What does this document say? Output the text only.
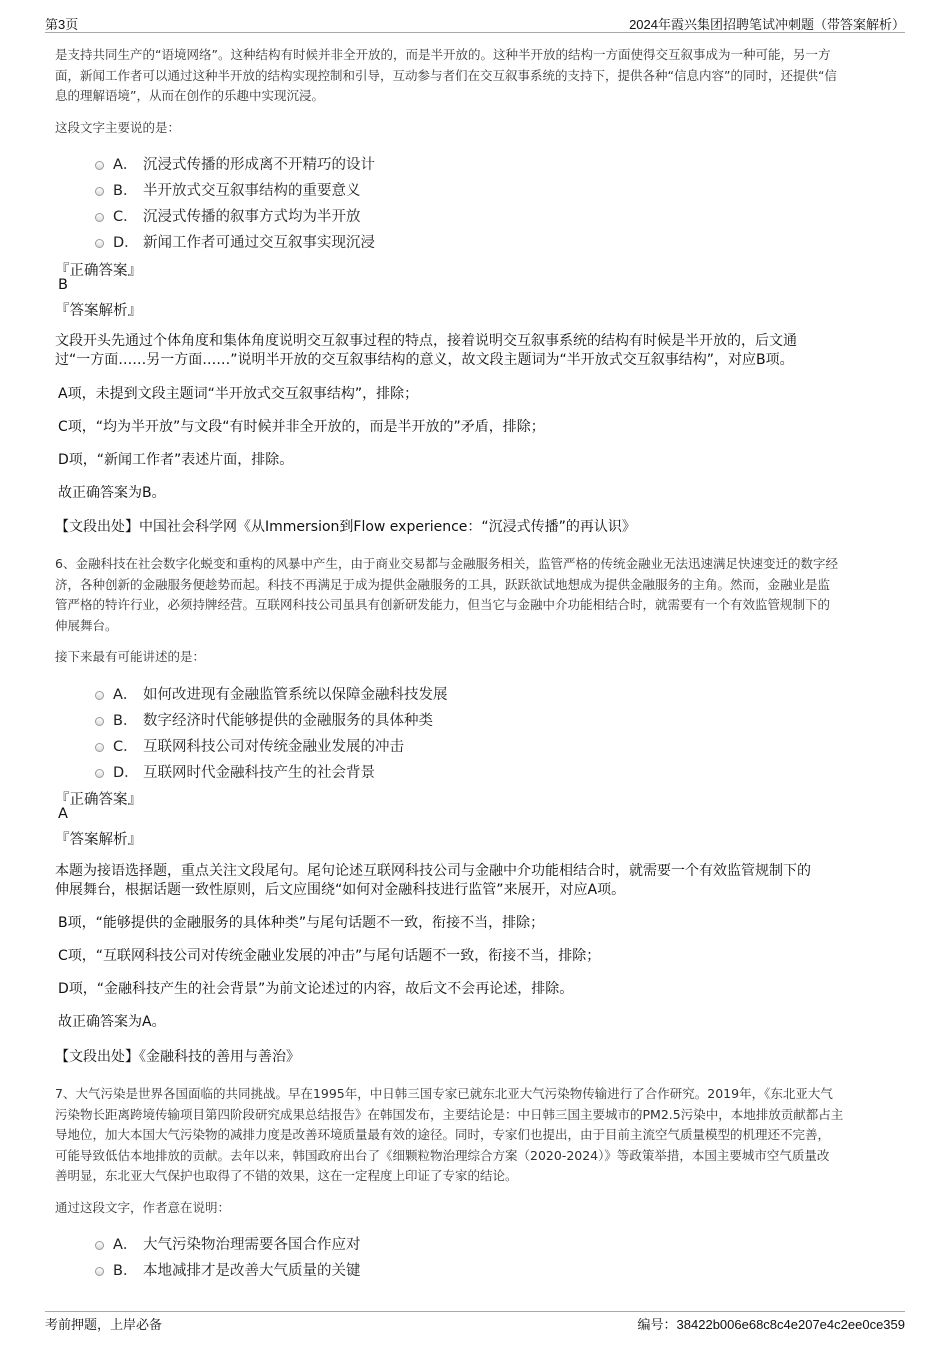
第3页	2024年霞兴集团招聘笔试冲刺题（带答案解析）
是支持共同生产的“语境网络”。这种结构有时候并非全开放的，而是半开放的。这种半开放的结构一方面使得交互叙事成为一种可能，另一方
面，新闻工作者可以通过这种半开放的结构实现控制和引导，互动参与者们在交互叙事系统的支持下，提供各种“信息内容”的同时，还提供“信
息的理解语境”，从而在创作的乐趣中实现沉浸。
这段文字主要说的是：
A． 沉浸式传播的形成离不开精巧的设计
B． 半开放式交互叙事结构的重要意义
C． 沉浸式传播的叙事方式均为半开放
D． 新闻工作者可通过交互叙事实现沉浸
『正确答案』
B
『答案解析』
文段开头先通过个体角度和集体角度说明交互叙事过程的特点，接着说明交互叙事系统的结构有时候是半开放的，后文通
过“一方面……另一方面……”说明半开放的交互叙事结构的意义，故文段主题词为“半开放式交互叙事结构”，对应B项。
A项，未提到文段主题词“半开放式交互叙事结构”，排除；
C项，“均为半开放”与文段“有时候并非全开放的，而是半开放的”矛盾，排除；
D项，“新闻工作者”表述片面，排除。
故正确答案为B。
【文段出处】中国社会科学网《从Immersion到Flow experience：“沉浸式传播”的再认识》
6、金融科技在社会数字化蜕变和重构的风暴中产生，由于商业交易都与金融服务相关，监管严格的传统金融业无法迅速满足快速变迁的数字经
济，各种创新的金融服务便趁势而起。科技不再满足于成为提供金融服务的工具，跃跃欲试地想成为提供金融服务的主角。然而，金融业是监
管严格的特许行业，必须持牌经营。互联网科技公司虽具有创新研发能力，但当它与金融中介功能相结合时，就需要有一个有效监管规制下的
伸展舞台。
接下来最有可能讲述的是：
A． 如何改进现有金融监管系统以保障金融科技发展
B． 数字经济时代能够提供的金融服务的具体种类
C． 互联网科技公司对传统金融业发展的冲击
D． 互联网时代金融科技产生的社会背景
『正确答案』
A
『答案解析』
本题为接语选择题，重点关注文段尾句。尾句论述互联网科技公司与金融中介功能相结合时，就需要一个有效监管规制下的
伸展舞台，根据话题一致性原则，后文应围绕“如何对金融科技进行监管”来展开，对应A项。
B项，“能够提供的金融服务的具体种类”与尾句话题不一致，衔接不当，排除；
C项，“互联网科技公司对传统金融业发展的冲击”与尾句话题不一致，衔接不当，排除；
D项，“金融科技产生的社会背景”为前文论述过的内容，故后文不会再论述，排除。
故正确答案为A。
【文段出处】《金融科技的善用与善治》
7、大气污染是世界各国面临的共同挑战。早在1995年，中日韩三国专家已就东北亚大气污染物传输进行了合作研究。2019年，《东北亚大气
污染物长距离跨境传输项目第四阶段研究成果总结报告》在韩国发布，主要结论是：中日韩三国主要城市的PM2.5污染中，本地排放贡献都占主
导地位，加大本国大气污染物的减排力度是改善环境质量最有效的途径。同时，专家们也提出，由于目前主流空气质量模型的机理还不完善，
可能导致低估本地排放的贡献。去年以来，韩国政府出台了《细颗粒物治理综合方案（2020-2024）》等政策举措，本国主要城市空气质量改
善明显，东北亚大气保护也取得了不错的效果，这在一定程度上印证了专家的结论。
通过这段文字，作者意在说明：
A． 大气污染物治理需要各国合作应对
B． 本地减排才是改善大气质量的关键
考前押题，上岸必备	编号：38422b006e68c8c4e207e4c2ee0ce359
